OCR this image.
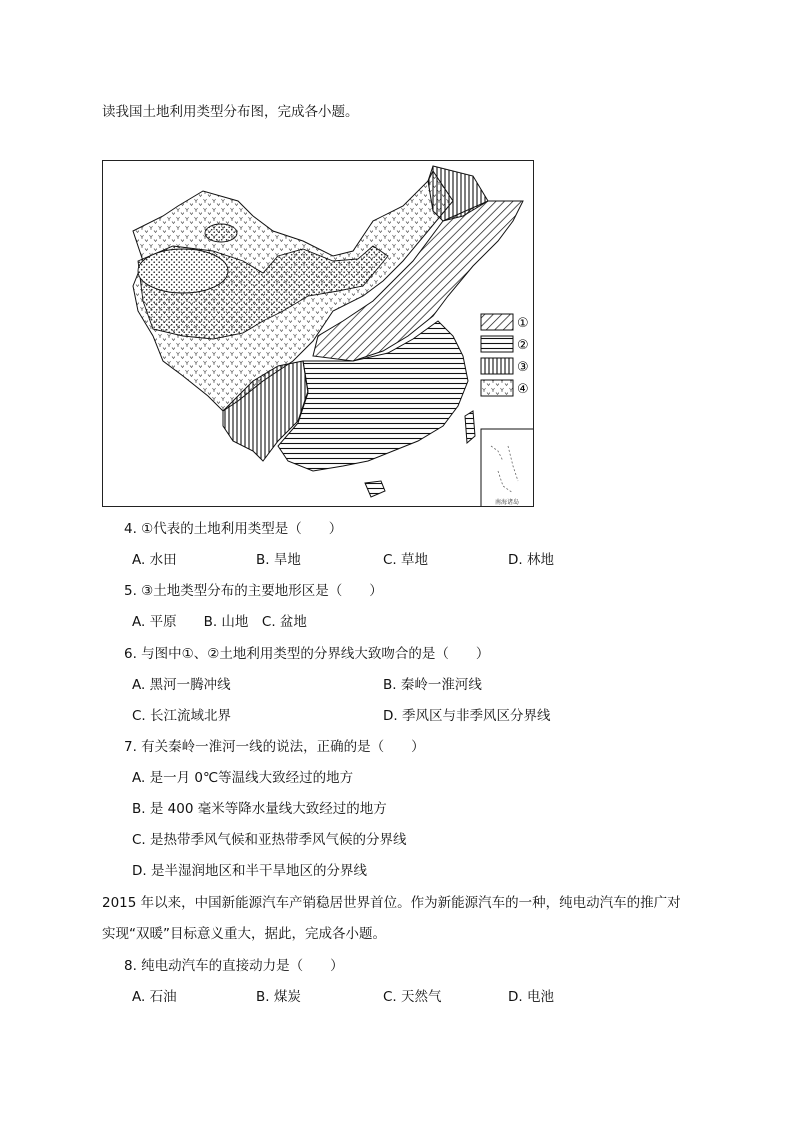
读我国土地利用类型分布图，完成各小题。
①
②
③
④
南海诸岛
4. ①代表的土地利用类型是（　　）
A. 水田	B. 旱地	C. 草地	D. 林地
5. ③土地类型分布的主要地形区是（　　）
A. 平原　　B. 山地　C. 盆地
6. 与图中①、②土地利用类型的分界线大致吻合的是（　　）
A. 黑河一腾冲线	B. 秦岭一淮河线
C. 长江流域北界	D. 季风区与非季风区分界线
7. 有关秦岭一淮河一线的说法，正确的是（　　）
A. 是一月 0℃等温线大致经过的地方
B. 是 400 毫米等降水量线大致经过的地方
C. 是热带季风气候和亚热带季风气候的分界线
D. 是半湿润地区和半干旱地区的分界线
2015 年以来，中国新能源汽车产销稳居世界首位。作为新能源汽车的一种，纯电动汽车的推广对
实现“双暖”目标意义重大，据此，完成各小题。
8. 纯电动汽车的直接动力是（　　）
A. 石油	B. 煤炭	C. 天然气	D. 电池
